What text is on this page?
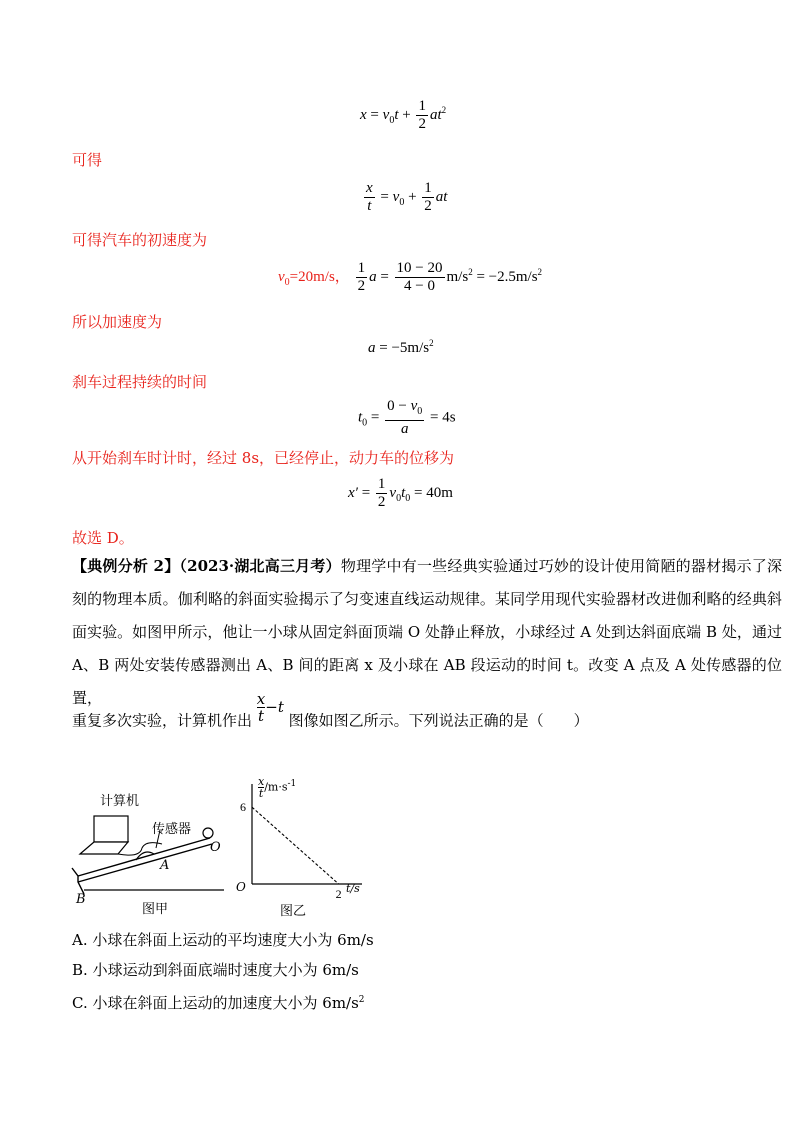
$x = v_0t + \frac{1}{2} at^2$
可得
$\frac{x}{t} = v_0 + \frac{1}{2}$ at
可得汽车的初速度为
$v_0=20m/s$， $\frac{1}{2}$ $a = \frac{10 - 20}{4 - 0} m/s^2 = -2.5m/s^2$
所以加速度为
$a = -5m/s^2$
刹车过程持续的时间
$t_0 = \frac{0 - v_0}{a} = 4s$
从开始刹车时计时，经过 8s，已经停止，动力车的位移为
$x' = \frac{1}{2} v_0t_0 = 40m$
故选 D。
【典例分析 2】（2023·湖北高三月考）物理学中有一些经典实验通过巧妙的设计使用简陋的器材揭示了深刻的物理本质。伽利略的斜面实验揭示了匀变速直线运动规律。某同学用现代实验器材改进伽利略的经典斜面实验。如图甲所示，他让一小球从固定斜面顶端 O 处静止释放，小球经过 A 处到达斜面底端 B 处，通过 A、B 两处安装传感器测出 A、B 间的距离 x 及小球在 AB 段运动的时间 t。改变 A 点及 A 处传感器的位置，
重复多次实验，计算机作出 $\frac{x}{t} -t$ 图像如图乙所示。下列说法正确的是（　　）
计算机
传感器
A
O
B
图甲
6
2
$\frac{x}{t} /m\cdot s^{-1}$
O	t/s
图乙
A. 小球在斜面上运动的平均速度大小为 6m/s
B. 小球运动到斜面底端时速度大小为 6m/s
C. 小球在斜面上运动的加速度大小为 $6m/s^2$
